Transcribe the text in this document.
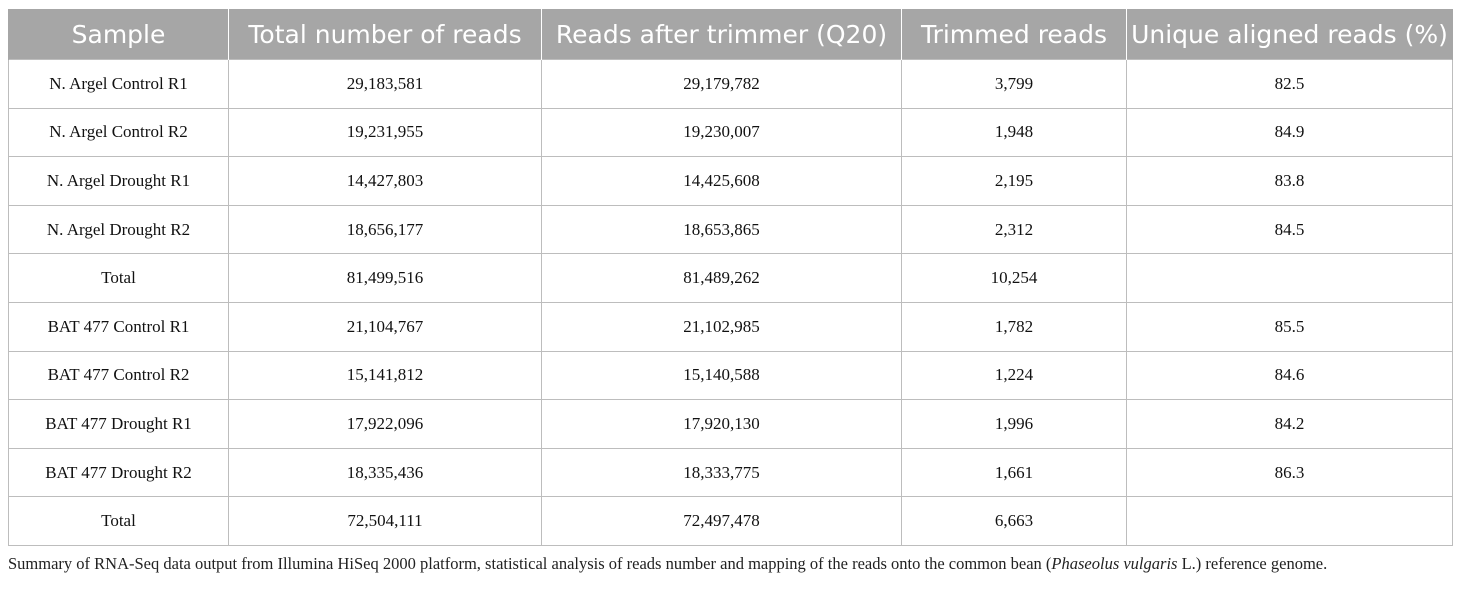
Sample	Total number of reads	Reads after trimmer (Q20)	Trimmed reads	Unique aligned reads (%)
N. Argel Control R1	29,183,581	29,179,782	3,799	82.5
N. Argel Control R2	19,231,955	19,230,007	1,948	84.9
N. Argel Drought R1	14,427,803	14,425,608	2,195	83.8
N. Argel Drought R2	18,656,177	18,653,865	2,312	84.5
Total	81,499,516	81,489,262	10,254	
BAT 477 Control R1	21,104,767	21,102,985	1,782	85.5
BAT 477 Control R2	15,141,812	15,140,588	1,224	84.6
BAT 477 Drought R1	17,922,096	17,920,130	1,996	84.2
BAT 477 Drought R2	18,335,436	18,333,775	1,661	86.3
Total	72,504,111	72,497,478	6,663	
Summary of RNA-Seq data output from Illumina HiSeq 2000 platform, statistical analysis of reads number and mapping of the reads onto the common bean (Phaseolus vulgaris L.) reference genome.
